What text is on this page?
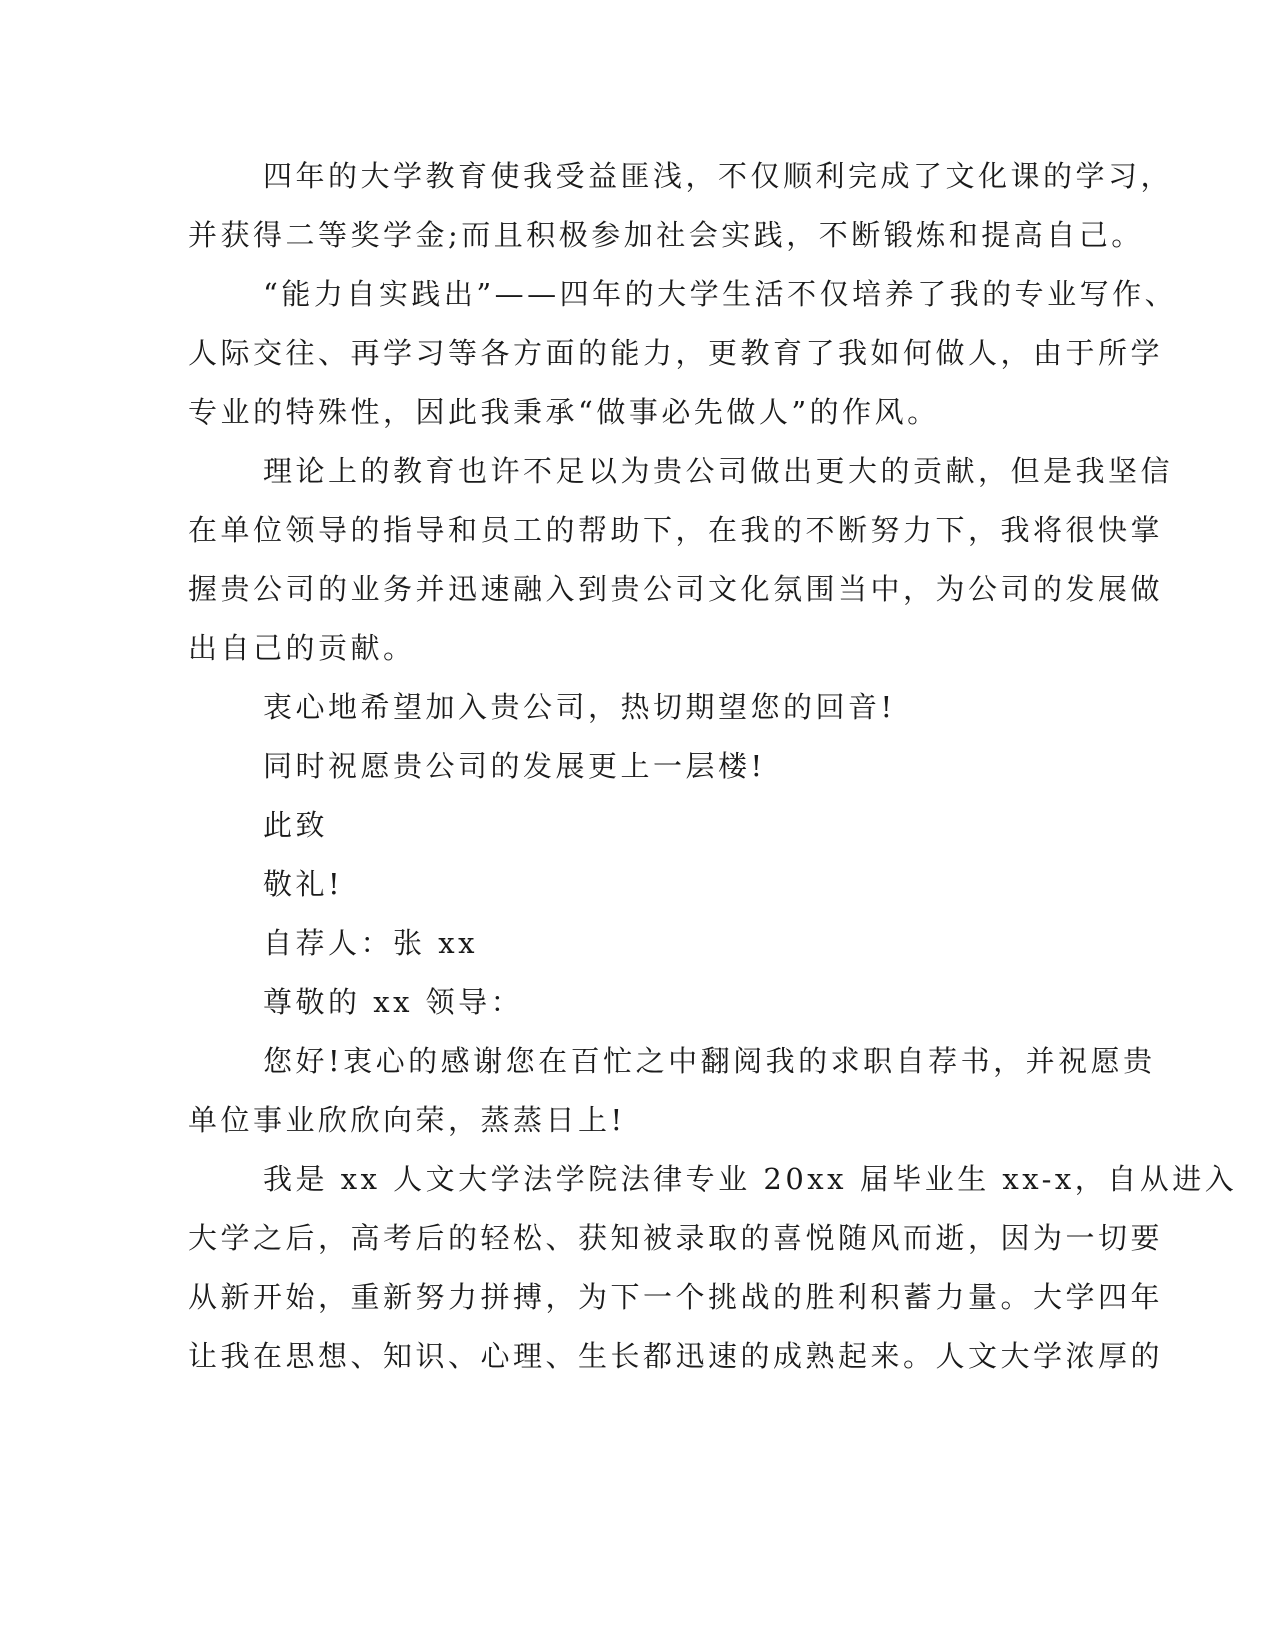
四年的大学教育使我受益匪浅，不仅顺利完成了文化课的学习，
并获得二等奖学金;而且积极参加社会实践，不断锻炼和提高自己。
“能力自实践出”——四年的大学生活不仅培养了我的专业写作、
人际交往、再学习等各方面的能力，更教育了我如何做人，由于所学
专业的特殊性，因此我秉承“做事必先做人”的作风。
理论上的教育也许不足以为贵公司做出更大的贡献，但是我坚信
在单位领导的指导和员工的帮助下，在我的不断努力下，我将很快掌
握贵公司的业务并迅速融入到贵公司文化氛围当中，为公司的发展做
出自己的贡献。
衷心地希望加入贵公司，热切期望您的回音!
同时祝愿贵公司的发展更上一层楼!
此致
敬礼!
自荐人：张 xx
尊敬的 xx 领导：
您好!衷心的感谢您在百忙之中翻阅我的求职自荐书，并祝愿贵
单位事业欣欣向荣，蒸蒸日上!
我是 xx 人文大学法学院法律专业 20xx 届毕业生 xx-x，自从进入
大学之后，高考后的轻松、获知被录取的喜悦随风而逝，因为一切要
从新开始，重新努力拼搏，为下一个挑战的胜利积蓄力量。大学四年
让我在思想、知识、心理、生长都迅速的成熟起来。人文大学浓厚的
